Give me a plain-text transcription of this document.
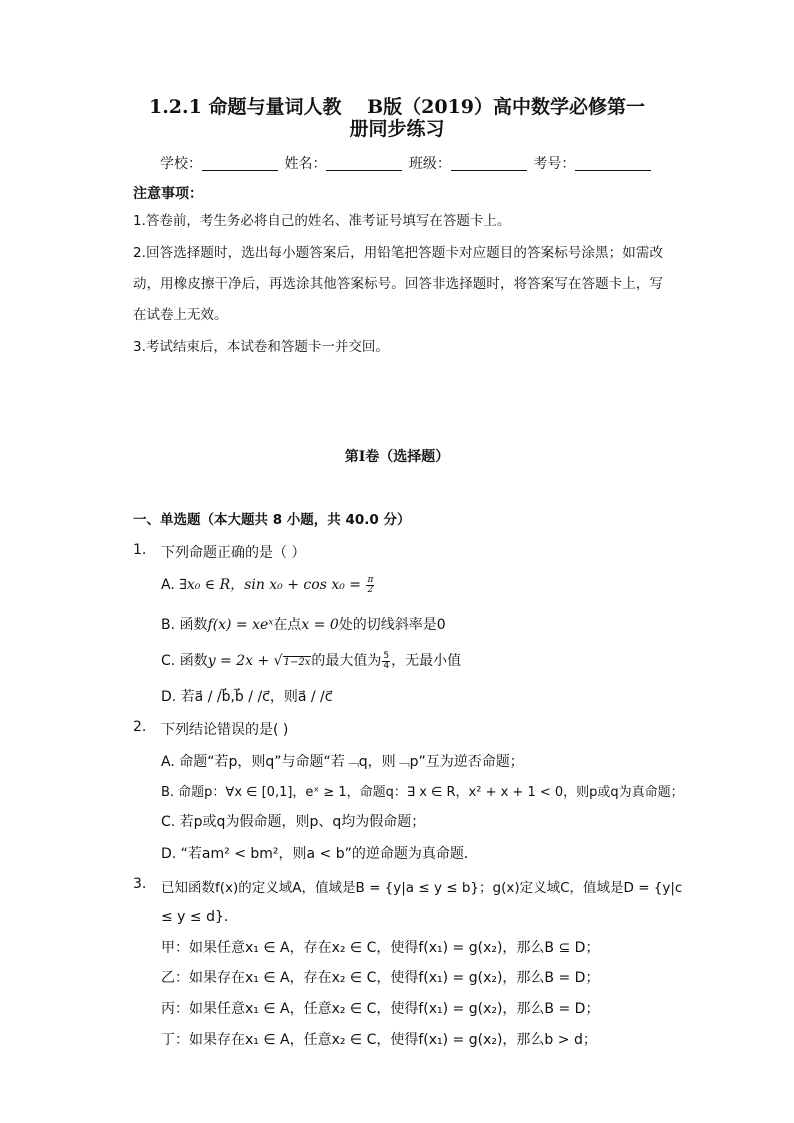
1.2.1 命题与量词人教　 B版（2019）高中数学必修第一
册同步练习
学校：	姓名：	班级：	考号：
注意事项：
1.答卷前，考生务必将自己的姓名、准考证号填写在答题卡上。
2.回答选择题时，选出每小题答案后，用铅笔把答题卡对应题目的答案标号涂黑；如需改动，用橡皮擦干净后，再选涂其他答案标号。回答非选择题时，将答案写在答题卡上，写在试卷上无效。
3.考试结束后，本试卷和答题卡一并交回。
第I卷（选择题）
一、单选题（本大题共 8 小题，共 40.0 分）
1. 下列命题正确的是（ ）
A. ∃x₀ ∈ R，$\sin x_0 + \cos x_0 = \frac{\pi}{2}$
B. 函数f(x) = xeˣ在点x = 0处的切线斜率是0
C. 函数y = 2x + √1−2x的最大值为 $\frac{5}{4}$ ，无最小值
D. 若a⃗ / /b⃗,b⃗ / /c⃗，则a⃗ / /c⃗
2. 下列结论错误的是( )
A. 命题“若p，则q”与命题“若﹁q，则﹁p”互为逆否命题；
B. 命题p：∀x ∈ [0,1]，eˣ ≥ 1，命题q：∃ x ∈ R，x² + x + 1 < 0，则p或q为真命题；
C. 若p或q为假命题，则p、q均为假命题；
D. “若am² < bm²，则a < b”的逆命题为真命题．
3. 已知函数f(x)的定义域A，值域是B = {y|a ≤ y ≤ b}；g(x)定义域C，值域是D = {y|c
≤ y ≤ d}．
甲：如果任意x₁ ∈ A，存在x₂ ∈ C，使得f(x₁) = g(x₂)，那么B ⊆ D；
乙：如果存在x₁ ∈ A，存在x₂ ∈ C，使得f(x₁) = g(x₂)，那么B = D；
丙：如果任意x₁ ∈ A，任意x₂ ∈ C，使得f(x₁) = g(x₂)，那么B = D；
丁：如果存在x₁ ∈ A，任意x₂ ∈ C，使得f(x₁) = g(x₂)，那么b > d；
